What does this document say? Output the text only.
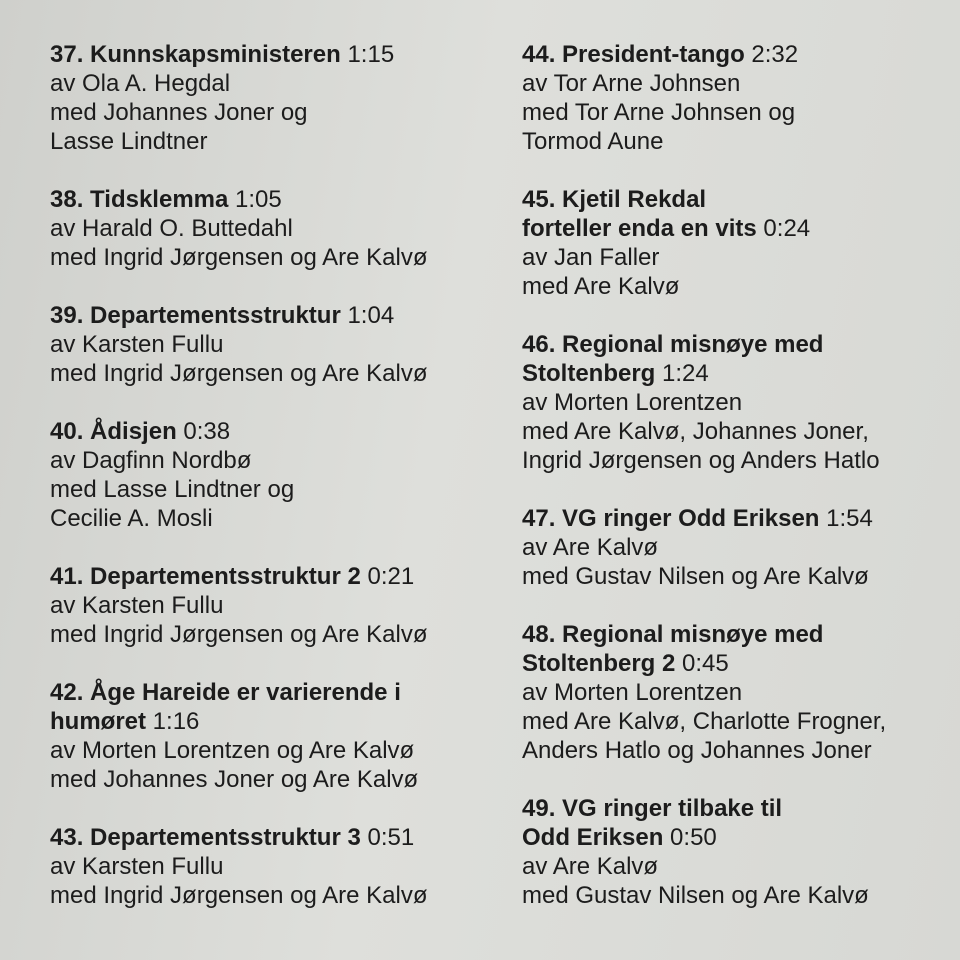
37. Kunnskapsministeren 1:15

av Ola A. Hegdal

med Johannes Joner og

Lasse Lindtner

38. Tidsklemma 1:05

av Harald O. Buttedahl

med Ingrid Jørgensen og Are Kalvø

39. Departementsstruktur 1:04

av Karsten Fullu

med Ingrid Jørgensen og Are Kalvø

40. Ådisjen 0:38

av Dagfinn Nordbø

med Lasse Lindtner og

Cecilie A. Mosli

41. Departementsstruktur 2 0:21

av Karsten Fullu

med Ingrid Jørgensen og Are Kalvø

42. Åge Hareide er varierende i

humøret 1:16

av Morten Lorentzen og Are Kalvø

med Johannes Joner og Are Kalvø

43. Departementsstruktur 3 0:51

av Karsten Fullu

med Ingrid Jørgensen og Are Kalvø

44. President-tango 2:32

av Tor Arne Johnsen

med Tor Arne Johnsen og

Tormod Aune

45. Kjetil Rekdal

forteller enda en vits 0:24

av Jan Faller

med Are Kalvø

46. Regional misnøye med

Stoltenberg 1:24

av Morten Lorentzen

med Are Kalvø, Johannes Joner,

Ingrid Jørgensen og Anders Hatlo

47. VG ringer Odd Eriksen 1:54

av Are Kalvø

med Gustav Nilsen og Are Kalvø

48. Regional misnøye med

Stoltenberg 2 0:45

av Morten Lorentzen

med Are Kalvø, Charlotte Frogner,

Anders Hatlo og Johannes Joner

49. VG ringer tilbake til

Odd Eriksen 0:50

av Are Kalvø

med Gustav Nilsen og Are Kalvø
